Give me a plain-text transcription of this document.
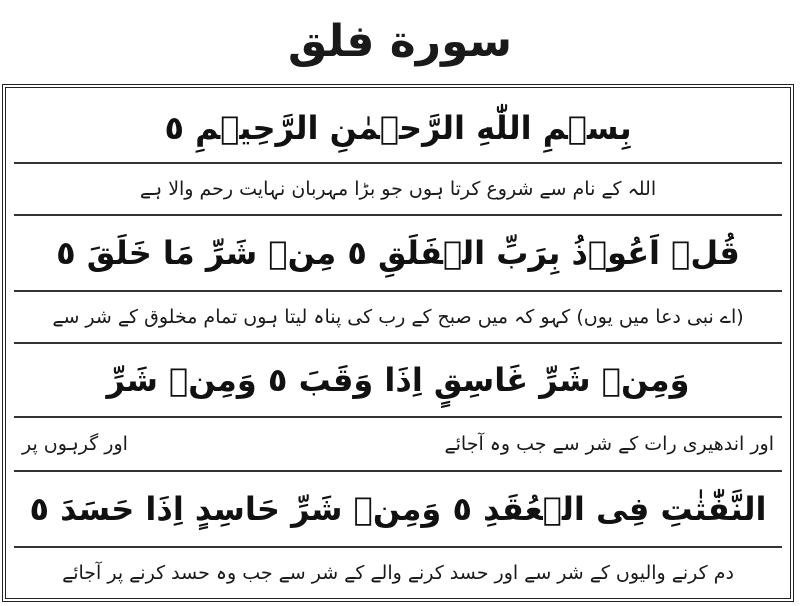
سورة فلق
بِسۡمِ اللّٰهِ الرَّحۡمٰنِ الرَّحِيۡمِ ٥
اللہ کے نام سے شروع کرتا ہوں جو بڑا مہربان نہایت رحم والا ہے
قُلۡ اَعُوۡذُ بِرَبِّ الۡفَلَقِ ٥ مِنۡ شَرِّ مَا خَلَقَ ٥
(اے نبی دعا میں یوں) کہو کہ میں صبح کے رب کی پناہ لیتا ہوں تمام مخلوق کے شر سے
وَمِنۡ شَرِّ غَاسِقٍ اِذَا وَقَبَ ٥ وَمِنۡ شَرِّ
اور اندھیری رات کے شر سے جب وہ آجائے
اور گرہوں پر
النَّفّٰثٰتِ فِى الۡعُقَدِ ٥ وَمِنۡ شَرِّ حَاسِدٍ اِذَا حَسَدَ ٥
دم کرنے والیوں کے شر سے اور حسد کرنے والے کے شر سے جب وہ حسد کرنے پر آجائے
